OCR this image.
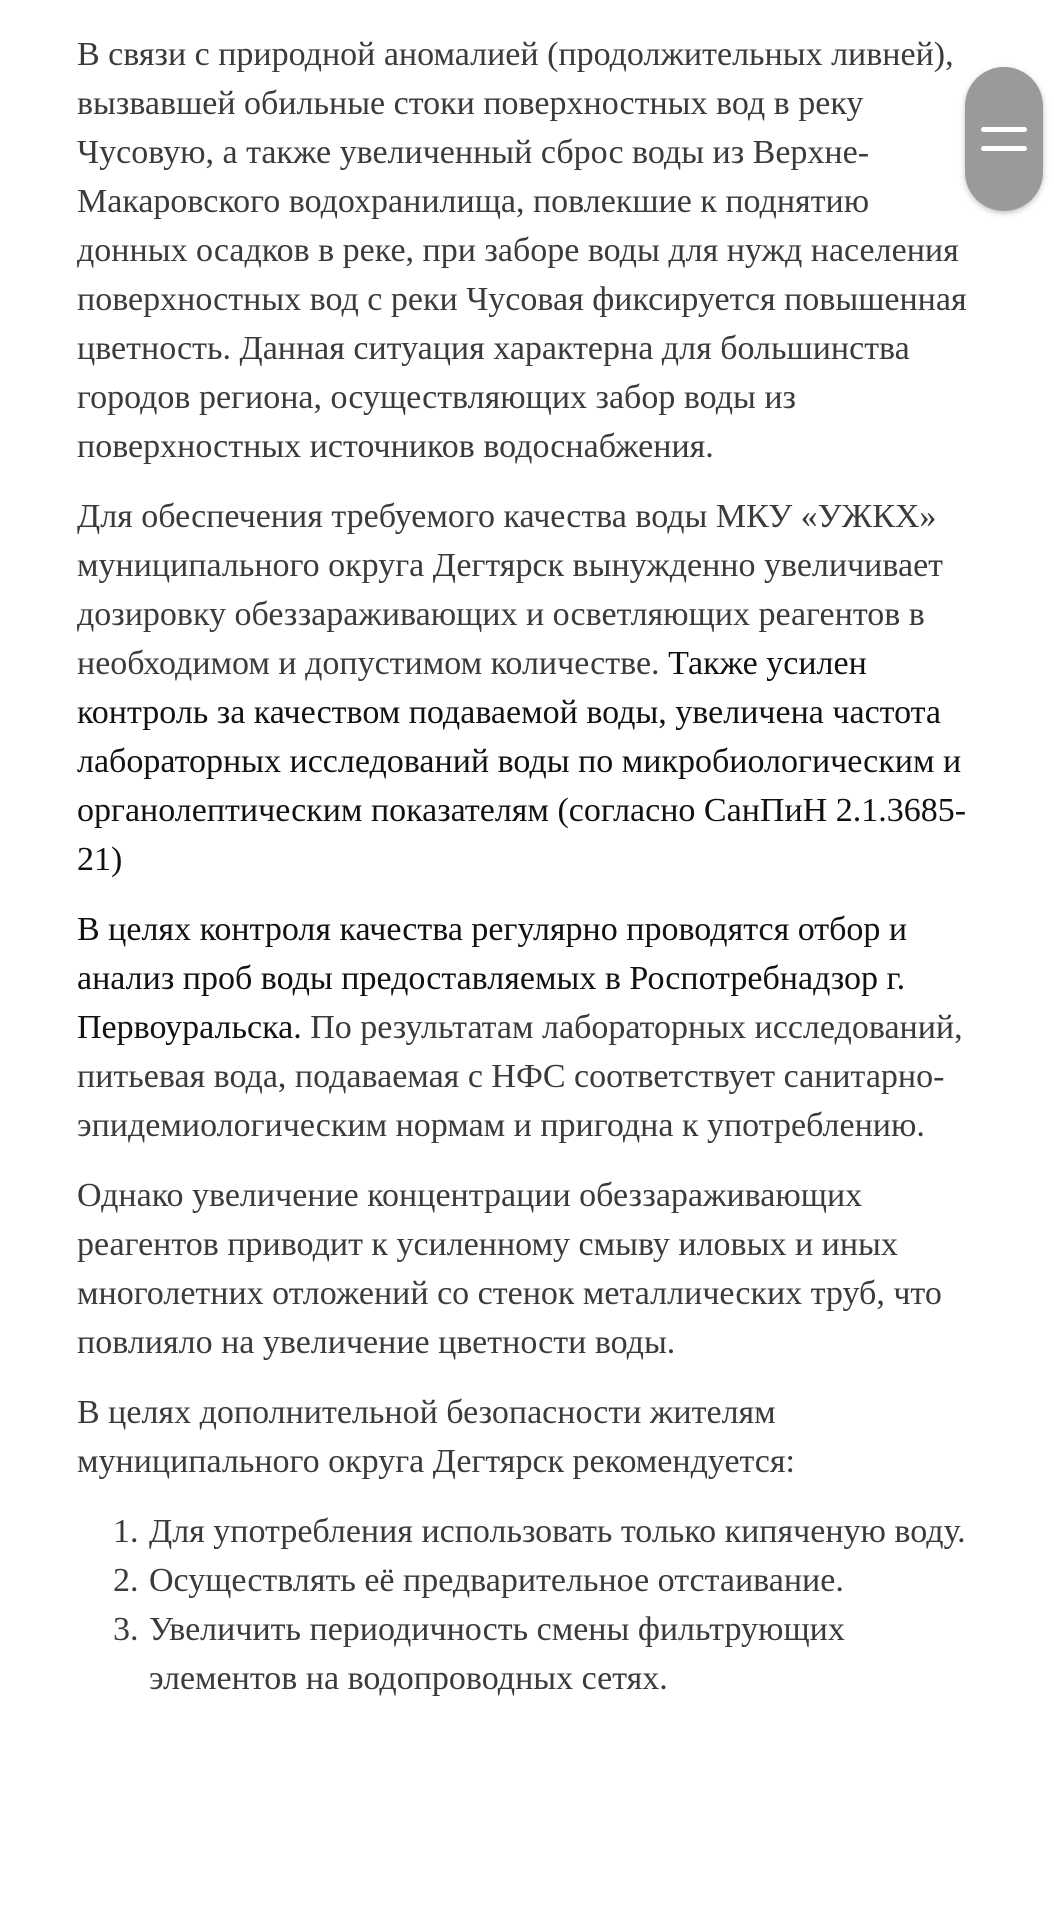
В связи с природной аномалией (продолжительных ливней), вызвавшей обильные стоки поверхностных вод в реку Чусовую, а также увеличенный сброс воды из Верхне-Макаровского водохранилища, повлекшие к поднятию донных осадков в реке, при заборе воды для нужд населения поверхностных вод с реки Чусовая фиксируется повышенная цветность. Данная ситуация характерна для большинства городов региона, осуществляющих забор воды из поверхностных источников водоснабжения.

Для обеспечения требуемого качества воды МКУ «УЖКХ» муниципального округа Дегтярск вынужденно увеличивает дозировку обеззараживающих и осветляющих реагентов в необходимом и допустимом количестве. Также усилен контроль за качеством подаваемой воды, увеличена частота лабораторных исследований воды по микробиологическим и органолептическим показателям (согласно СанПиН 2.1.3685-21)

В целях контроля качества регулярно проводятся отбор и анализ проб воды предоставляемых в Роспотребнадзор г. Первоуральска. По результатам лабораторных исследований, питьевая вода, подаваемая с НФС соответствует санитарно-эпидемиологическим нормам и пригодна к употреблению.

Однако увеличение концентрации обеззараживающих реагентов приводит к усиленному смыву иловых и иных многолетних отложений со стенок металлических труб, что повлияло на увеличение цветности воды.

В целях дополнительной безопасности жителям муниципального округа Дегтярск рекомендуется:

1. Для употребления использовать только кипяченую воду.
2. Осуществлять её предварительное отстаивание.
3. Увеличить периодичность смены фильтрующих элементов на водопроводных сетях.
